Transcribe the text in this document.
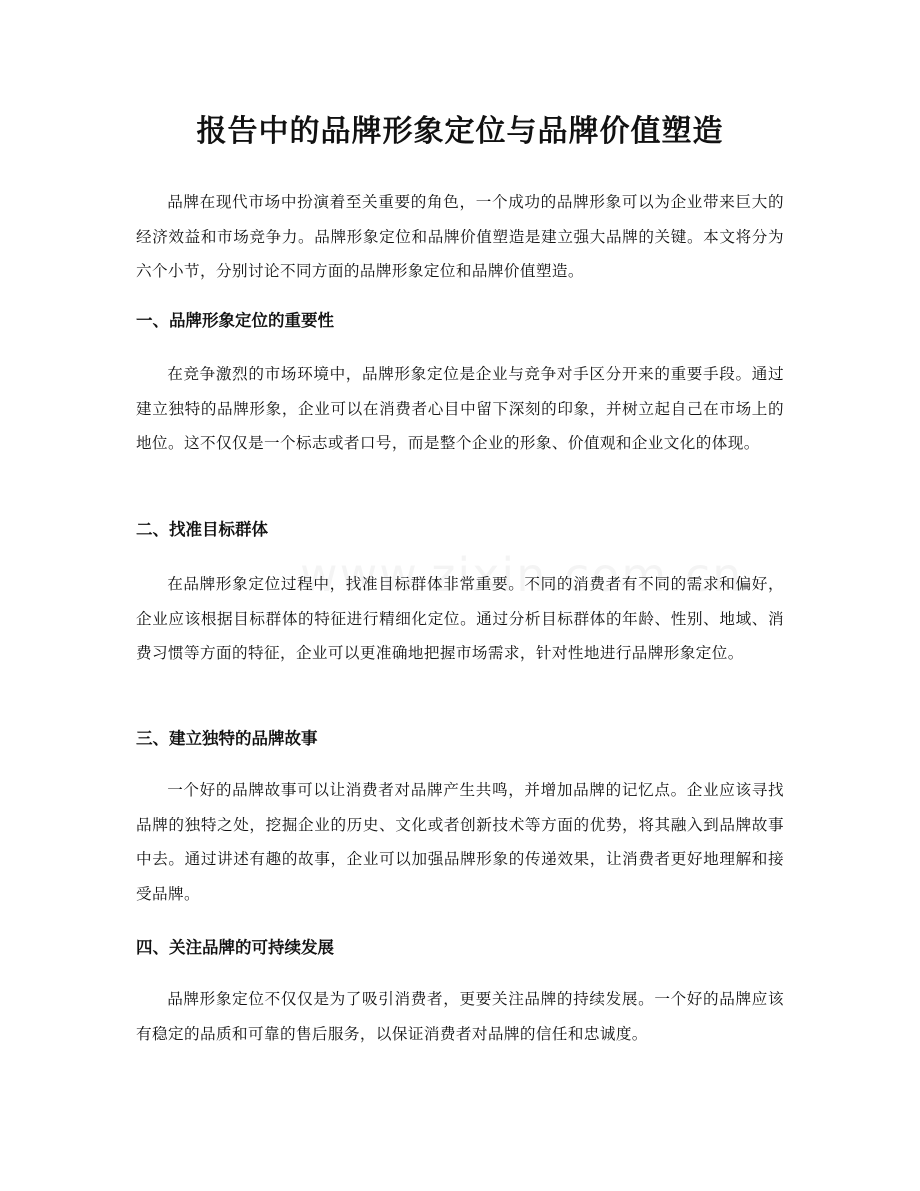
报告中的品牌形象定位与品牌价值塑造

品牌在现代市场中扮演着至关重要的角色，一个成功的品牌形象可以为企业带来巨大的经济效益和市场竞争力。品牌形象定位和品牌价值塑造是建立强大品牌的关键。本文将分为六个小节，分别讨论不同方面的品牌形象定位和品牌价值塑造。

一、品牌形象定位的重要性

在竞争激烈的市场环境中，品牌形象定位是企业与竞争对手区分开来的重要手段。通过建立独特的品牌形象，企业可以在消费者心目中留下深刻的印象，并树立起自己在市场上的地位。这不仅仅是一个标志或者口号，而是整个企业的形象、价值观和企业文化的体现。

二、找准目标群体

在品牌形象定位过程中，找准目标群体非常重要。不同的消费者有不同的需求和偏好，企业应该根据目标群体的特征进行精细化定位。通过分析目标群体的年龄、性别、地域、消费习惯等方面的特征，企业可以更准确地把握市场需求，针对性地进行品牌形象定位。

三、建立独特的品牌故事

一个好的品牌故事可以让消费者对品牌产生共鸣，并增加品牌的记忆点。企业应该寻找品牌的独特之处，挖掘企业的历史、文化或者创新技术等方面的优势，将其融入到品牌故事中去。通过讲述有趣的故事，企业可以加强品牌形象的传递效果，让消费者更好地理解和接受品牌。

四、关注品牌的可持续发展

品牌形象定位不仅仅是为了吸引消费者，更要关注品牌的持续发展。一个好的品牌应该有稳定的品质和可靠的售后服务，以保证消费者对品牌的信任和忠诚度。
